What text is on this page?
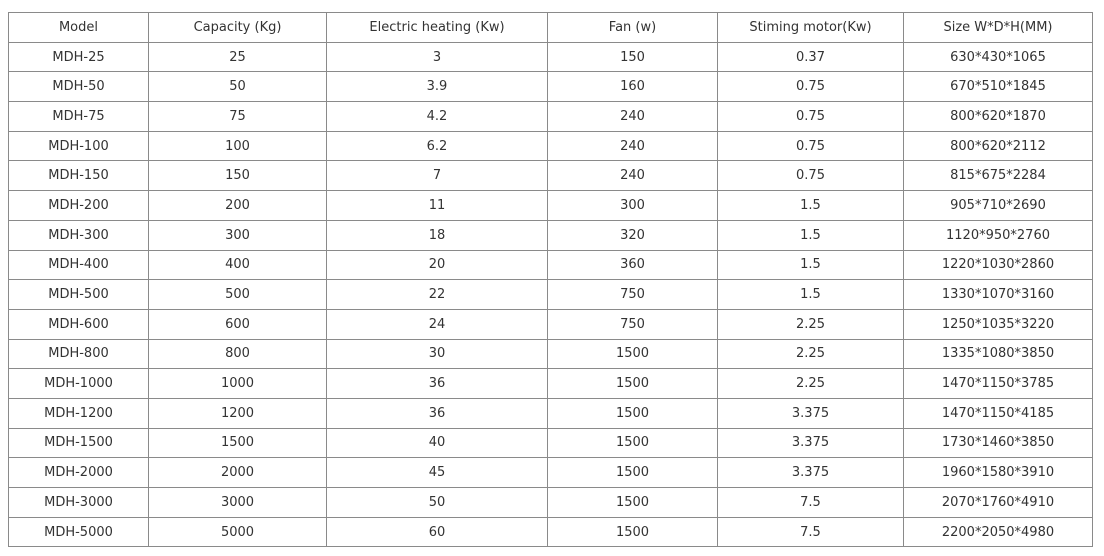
Model	Capacity (Kg)	Electric heating (Kw)	Fan (w)	Stiming motor(Kw)	Size W*D*H(MM)
MDH-25	25	3	150	0.37	630*430*1065
MDH-50	50	3.9	160	0.75	670*510*1845
MDH-75	75	4.2	240	0.75	800*620*1870
MDH-100	100	6.2	240	0.75	800*620*2112
MDH-150	150	7	240	0.75	815*675*2284
MDH-200	200	11	300	1.5	905*710*2690
MDH-300	300	18	320	1.5	1120*950*2760
MDH-400	400	20	360	1.5	1220*1030*2860
MDH-500	500	22	750	1.5	1330*1070*3160
MDH-600	600	24	750	2.25	1250*1035*3220
MDH-800	800	30	1500	2.25	1335*1080*3850
MDH-1000	1000	36	1500	2.25	1470*1150*3785
MDH-1200	1200	36	1500	3.375	1470*1150*4185
MDH-1500	1500	40	1500	3.375	1730*1460*3850
MDH-2000	2000	45	1500	3.375	1960*1580*3910
MDH-3000	3000	50	1500	7.5	2070*1760*4910
MDH-5000	5000	60	1500	7.5	2200*2050*4980
